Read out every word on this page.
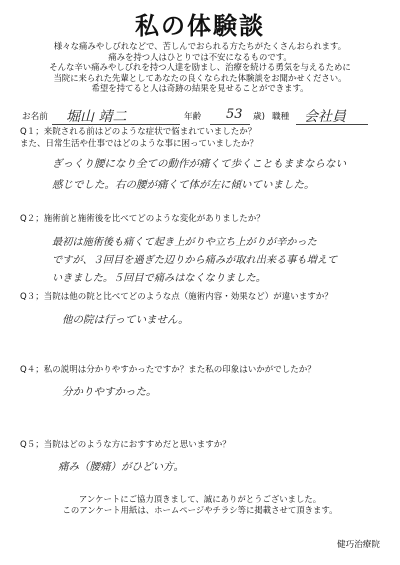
私の体験談
様々な痛みやしびれなどで、苦しんでおられる方たちがたくさんおられます。
痛みを持つ人はひとりでは不安になるものです。
そんな辛い痛みやしびれを持つ人達を励まし、治療を続ける勇気を与えるために
当院に来られた先輩としてあなたの良くなられた体験談をお聞かせください。
希望を持てると人は奇跡の結果を見せることができます。
お名前 堀山 靖二	年齢 53 歳) 職種 会社員
Q１；来院される前はどのような症状で悩まれていましたか？
また、日常生活や仕事ではどのような事に困っていましたか？
ぎっくり腰になり全ての動作が痛くて歩くこともままならない
感じでした。右の腰が痛くて体が左に傾いていました。
Q２；施術前と施術後を比べてどのような変化がありましたか？
最初は施術後も痛くて起き上がりや立ち上がりが辛かった
ですが、３回目を過ぎた辺りから痛みが取れ出来る事も増えて
いきました。５回目で痛みはなくなりました。
Q３；当院は他の院と比べてどのような点（施術内容・効果など）が違いますか？
他の院は行っていません。
Q４；私の説明は分かりやすかったですか？また私の印象はいかがでしたか？
分かりやすかった。
Q５；当院はどのような方におすすめだと思いますか？
痛み（腰痛）がひどい方。
アンケートにご協力頂きまして、誠にありがとうございました。
このアンケート用紙は、ホームページやチラシ等に掲載させて頂きます。
健巧治療院
